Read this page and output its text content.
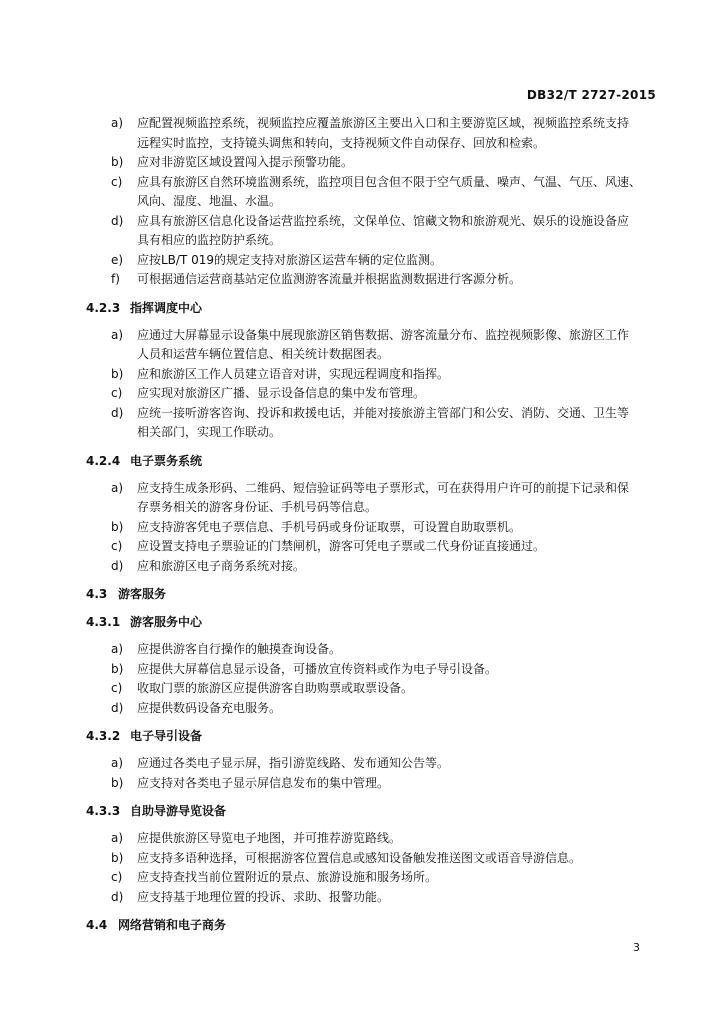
DB32/T 2727-2015
a) 应配置视频监控系统，视频监控应覆盖旅游区主要出入口和主要游览区域，视频监控系统支持
远程实时监控，支持镜头调焦和转向，支持视频文件自动保存、回放和检索。
b) 应对非游览区域设置闯入提示预警功能。
c) 应具有旅游区自然环境监测系统，监控项目包含但不限于空气质量、噪声、气温、气压、风速、
风向、湿度、地温、水温。
d) 应具有旅游区信息化设备运营监控系统，文保单位、馆藏文物和旅游观光、娱乐的设施设备应
具有相应的监控防护系统。
e) 应按LB/T 019的规定支持对旅游区运营车辆的定位监测。
f) 可根据通信运营商基站定位监测游客流量并根据监测数据进行客源分析。
4.2.3 指挥调度中心
a) 应通过大屏幕显示设备集中展现旅游区销售数据、游客流量分布、监控视频影像、旅游区工作
人员和运营车辆位置信息、相关统计数据图表。
b) 应和旅游区工作人员建立语音对讲，实现远程调度和指挥。
c) 应实现对旅游区广播、显示设备信息的集中发布管理。
d) 应统一接听游客咨询、投诉和救援电话，并能对接旅游主管部门和公安、消防、交通、卫生等
相关部门，实现工作联动。
4.2.4 电子票务系统
a) 应支持生成条形码、二维码、短信验证码等电子票形式，可在获得用户许可的前提下记录和保
存票务相关的游客身份证、手机号码等信息。
b) 应支持游客凭电子票信息、手机号码或身份证取票，可设置自助取票机。
c) 应设置支持电子票验证的门禁闸机，游客可凭电子票或二代身份证直接通过。
d) 应和旅游区电子商务系统对接。
4.3 游客服务
4.3.1 游客服务中心
a) 应提供游客自行操作的触摸查询设备。
b) 应提供大屏幕信息显示设备，可播放宣传资料或作为电子导引设备。
c) 收取门票的旅游区应提供游客自助购票或取票设备。
d) 应提供数码设备充电服务。
4.3.2 电子导引设备
a) 应通过各类电子显示屏，指引游览线路、发布通知公告等。
b) 应支持对各类电子显示屏信息发布的集中管理。
4.3.3 自助导游导览设备
a) 应提供旅游区导览电子地图，并可推荐游览路线。
b) 应支持多语种选择，可根据游客位置信息或感知设备触发推送图文或语音导游信息。
c) 应支持查找当前位置附近的景点、旅游设施和服务场所。
d) 应支持基于地理位置的投诉、求助、报警功能。
4.4 网络营销和电子商务
3
